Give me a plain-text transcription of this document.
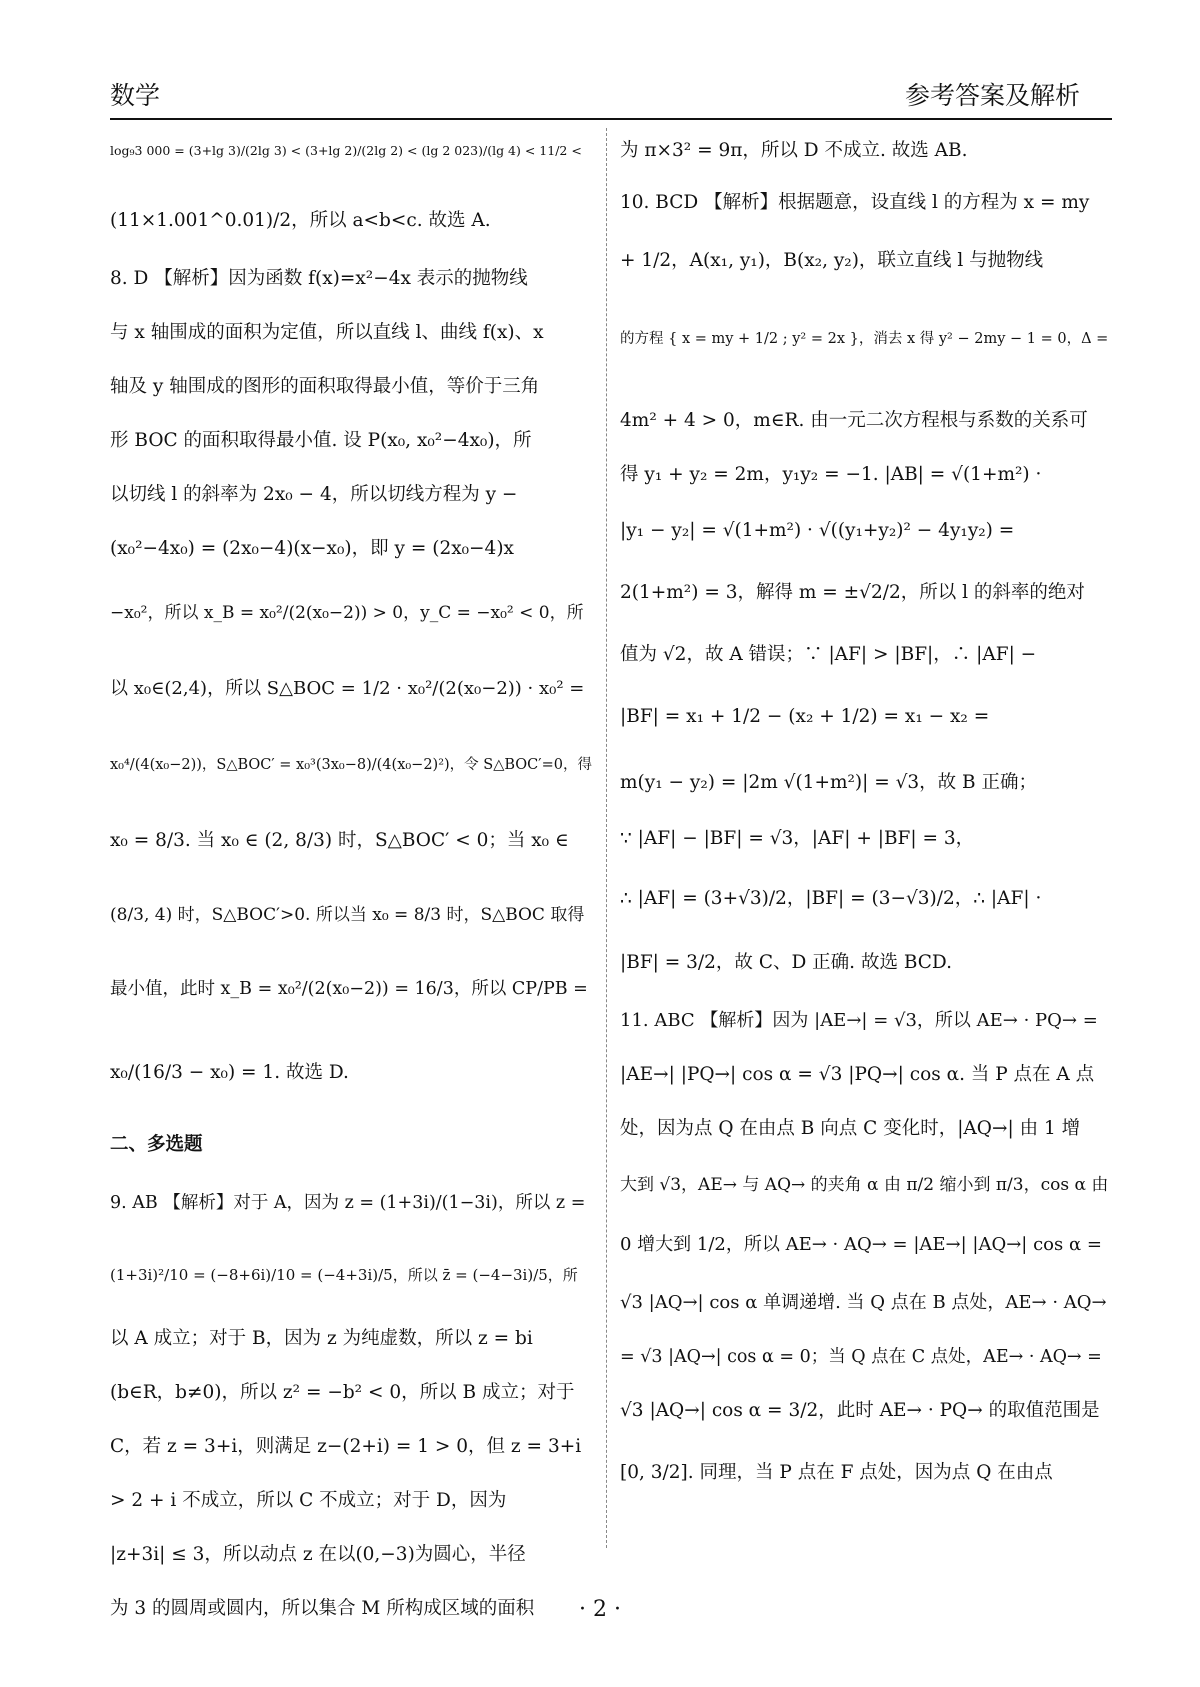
数学	参考答案及解析
log₉3 000 = (3+lg 3)/(2lg 3) < (3+lg 2)/(2lg 2) < (lg 2 023)/(lg 4) < 11/2 <
(11×1.001^0.01)/2，所以 a<b<c. 故选 A.
8. D 【解析】因为函数 f(x)=x²−4x 表示的抛物线
与 x 轴围成的面积为定值，所以直线 l、曲线 f(x)、x
轴及 y 轴围成的图形的面积取得最小值，等价于三角
形 BOC 的面积取得最小值. 设 P(x₀, x₀²−4x₀)，所
以切线 l 的斜率为 2x₀ − 4，所以切线方程为 y −
(x₀²−4x₀) = (2x₀−4)(x−x₀)，即 y = (2x₀−4)x
−x₀²，所以 x_B = x₀²/(2(x₀−2)) > 0，y_C = −x₀² < 0，所
以 x₀∈(2,4)，所以 S△BOC = 1/2 · x₀²/(2(x₀−2)) · x₀² =
x₀⁴/(4(x₀−2))，S△BOC′ = x₀³(3x₀−8)/(4(x₀−2)²)，令 S△BOC′=0，得
x₀ = 8/3. 当 x₀ ∈ (2, 8/3) 时，S△BOC′ < 0；当 x₀ ∈
(8/3, 4) 时，S△BOC′>0. 所以当 x₀ = 8/3 时，S△BOC 取得
最小值，此时 x_B = x₀²/(2(x₀−2)) = 16/3，所以 CP/PB =
x₀/(16/3 − x₀) = 1. 故选 D.
二、多选题
9. AB 【解析】对于 A，因为 z = (1+3i)/(1−3i)，所以 z =
(1+3i)²/10 = (−8+6i)/10 = (−4+3i)/5，所以 z̄ = (−4−3i)/5，所
以 A 成立；对于 B，因为 z 为纯虚数，所以 z = bi
(b∈R，b≠0)，所以 z² = −b² < 0，所以 B 成立；对于
C，若 z = 3+i，则满足 z−(2+i) = 1 > 0，但 z = 3+i
> 2 + i 不成立，所以 C 不成立；对于 D，因为
|z+3i| ≤ 3，所以动点 z 在以(0,−3)为圆心，半径
为 3 的圆周或圆内，所以集合 M 所构成区域的面积
为 π×3² = 9π，所以 D 不成立. 故选 AB.
10. BCD 【解析】根据题意，设直线 l 的方程为 x = my
+ 1/2，A(x₁, y₁)，B(x₂, y₂)，联立直线 l 与抛物线
的方程 { x = my + 1/2 ; y² = 2x }，消去 x 得 y² − 2my − 1 = 0，Δ =
4m² + 4 > 0，m∈R. 由一元二次方程根与系数的关系可
得 y₁ + y₂ = 2m，y₁y₂ = −1. |AB| = √(1+m²) ·
|y₁ − y₂| = √(1+m²) · √((y₁+y₂)² − 4y₁y₂) =
2(1+m²) = 3，解得 m = ±√2/2，所以 l 的斜率的绝对
值为 √2，故 A 错误；∵ |AF| > |BF|，∴ |AF| −
|BF| = x₁ + 1/2 − (x₂ + 1/2) = x₁ − x₂ =
m(y₁ − y₂) = |2m √(1+m²)| = √3，故 B 正确；
∵ |AF| − |BF| = √3，|AF| + |BF| = 3，
∴ |AF| = (3+√3)/2，|BF| = (3−√3)/2，∴ |AF| ·
|BF| = 3/2，故 C、D 正确. 故选 BCD.
11. ABC 【解析】因为 |AE→| = √3，所以 AE→ · PQ→ =
|AE→| |PQ→| cos α = √3 |PQ→| cos α. 当 P 点在 A 点
处，因为点 Q 在由点 B 向点 C 变化时，|AQ→| 由 1 增
大到 √3，AE→ 与 AQ→ 的夹角 α 由 π/2 缩小到 π/3，cos α 由
0 增大到 1/2，所以 AE→ · AQ→ = |AE→| |AQ→| cos α =
√3 |AQ→| cos α 单调递增. 当 Q 点在 B 点处，AE→ · AQ→
= √3 |AQ→| cos α = 0；当 Q 点在 C 点处，AE→ · AQ→ =
√3 |AQ→| cos α = 3/2，此时 AE→ · PQ→ 的取值范围是
[0, 3/2]. 同理，当 P 点在 F 点处，因为点 Q 在由点
· 2 ·
